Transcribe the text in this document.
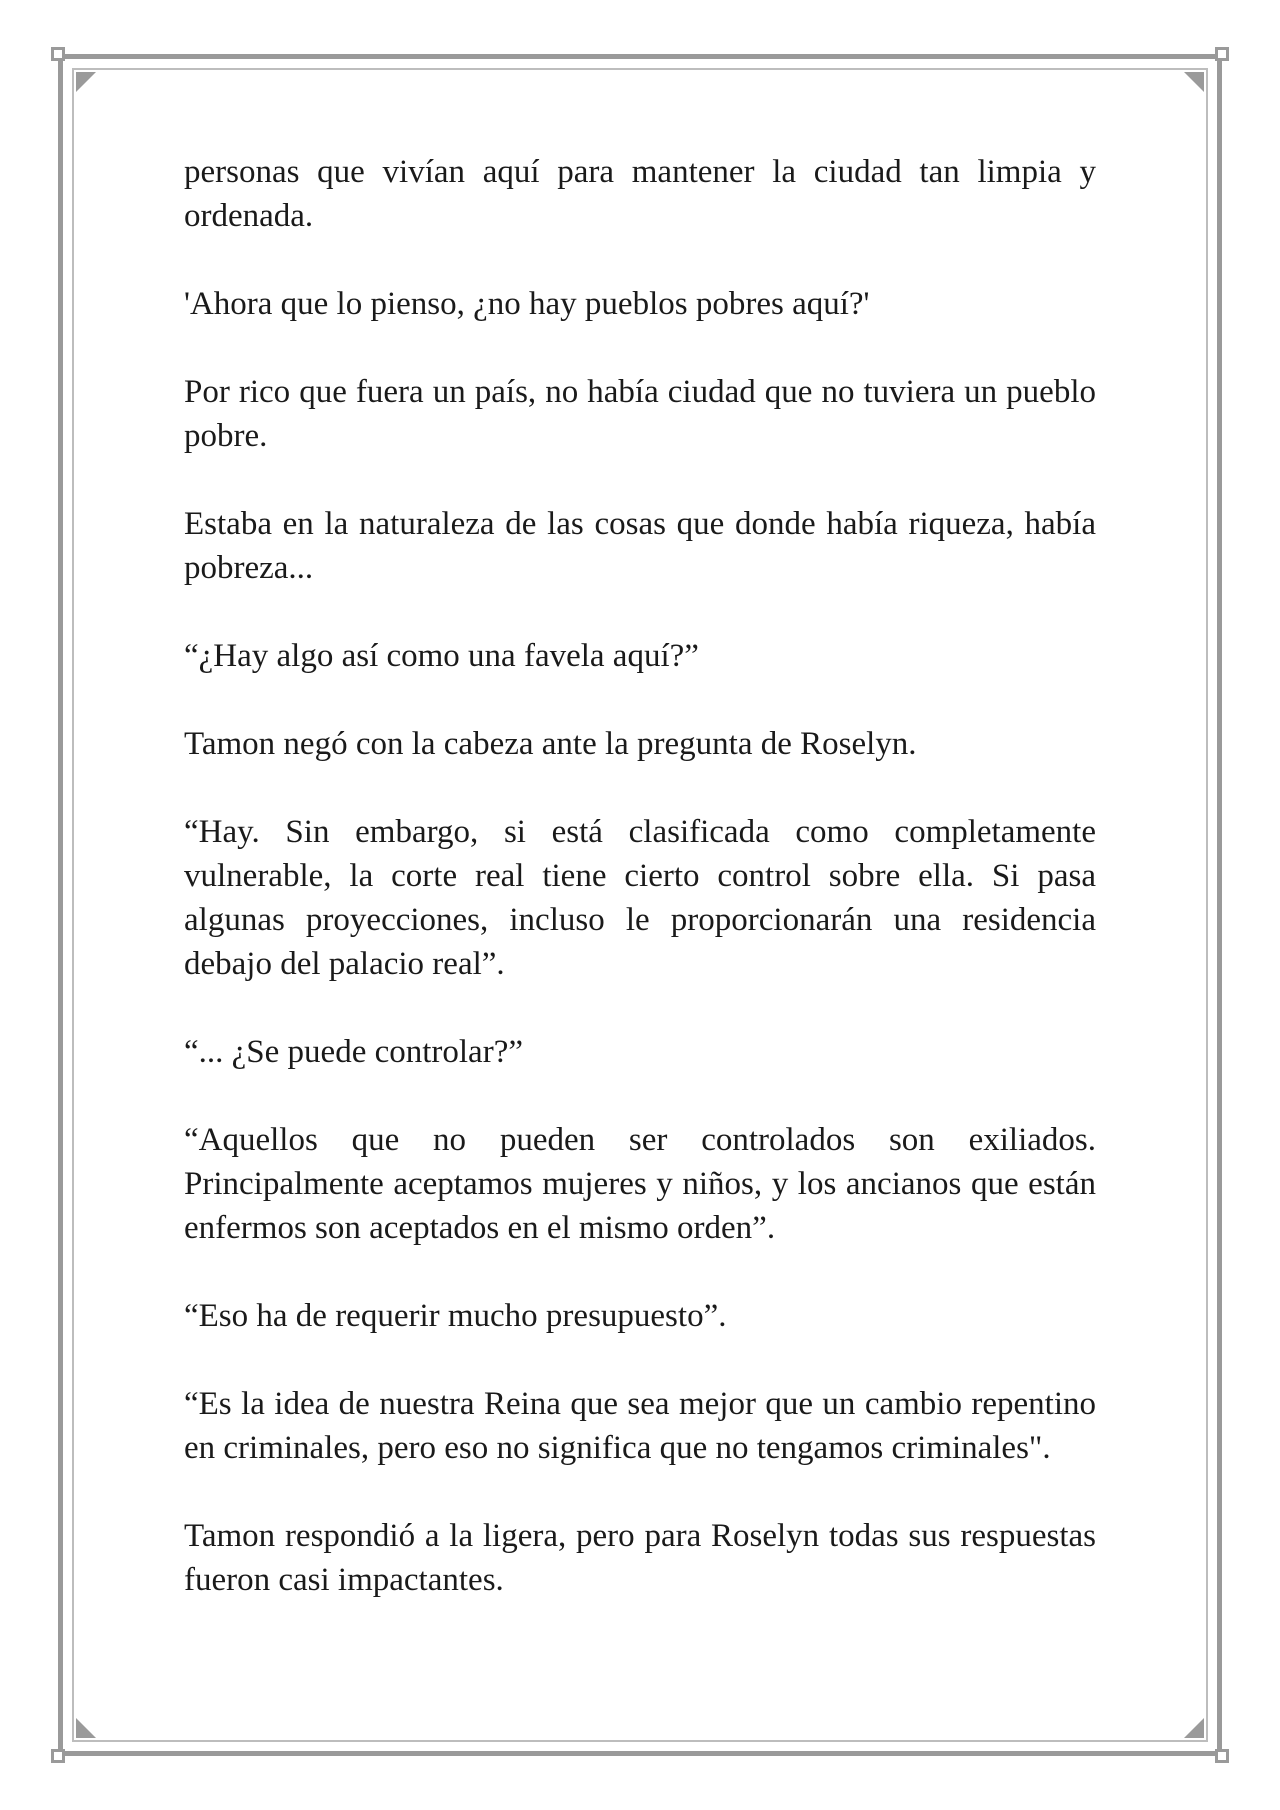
personas que vivían aquí para mantener la ciudad tan limpia y ordenada.

'Ahora que lo pienso, ¿no hay pueblos pobres aquí?'

Por rico que fuera un país, no había ciudad que no tuviera un pueblo pobre.

Estaba en la naturaleza de las cosas que donde había riqueza, había pobreza...

“¿Hay algo así como una favela aquí?”

Tamon negó con la cabeza ante la pregunta de Roselyn.

“Hay. Sin embargo, si está clasificada como completamente vulnerable, la corte real tiene cierto control sobre ella. Si pasa algunas proyecciones, incluso le proporcionarán una residencia debajo del palacio real”.

“... ¿Se puede controlar?”

“Aquellos que no pueden ser controlados son exiliados. Principalmente aceptamos mujeres y niños, y los ancianos que están enfermos son aceptados en el mismo orden”.

“Eso ha de requerir mucho presupuesto”.

“Es la idea de nuestra Reina que sea mejor que un cambio repentino en criminales, pero eso no significa que no tengamos criminales".

Tamon respondió a la ligera, pero para Roselyn todas sus respuestas fueron casi impactantes.
